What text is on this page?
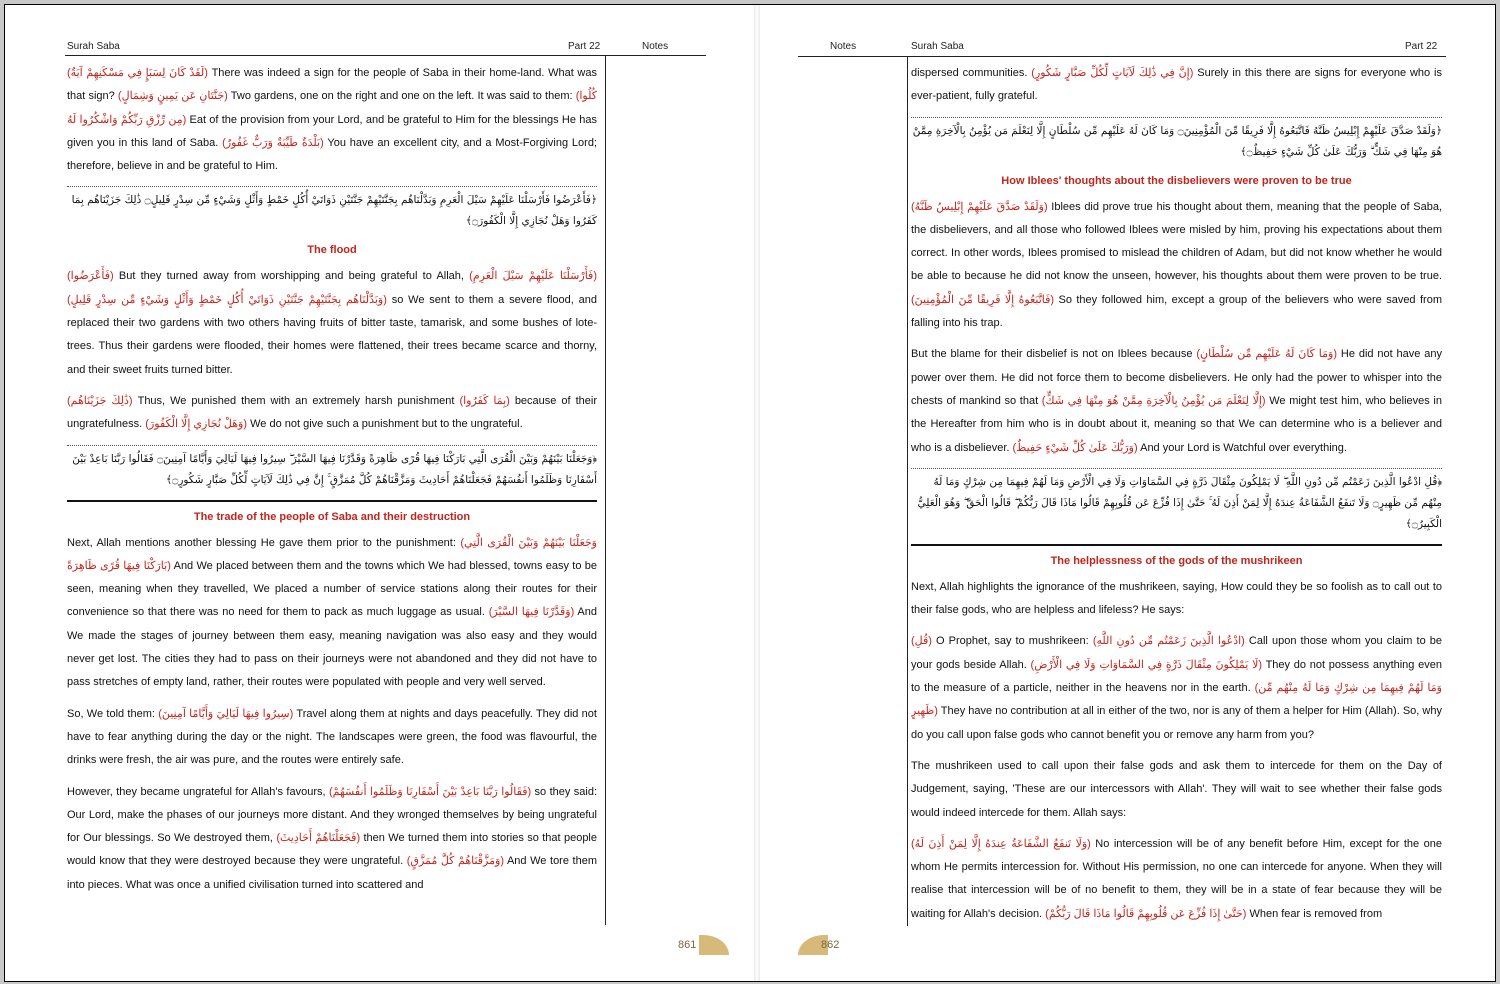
Surah Saba	Part 22	Notes

(لَقَدْ كَانَ لِسَبَإٍ فِي مَسْكَنِهِمْ آيَةٌ) There was indeed a sign for the people of Saba in their home-land. What was that sign? (جَنَّتَانِ عَن يَمِينٍ وَشِمَالٍ) Two gardens, one on the right and one on the left. It was said to them: (كُلُوا مِن رِّزْقِ رَبِّكُمْ وَاشْكُرُوا لَهُ) Eat of the provision from your Lord, and be grateful to Him for the blessings He has given you in this land of Saba. (بَلْدَةٌ طَيِّبَةٌ وَرَبٌّ غَفُورٌ) You have an excellent city, and a Most-Forgiving Lord; therefore, believe in and be grateful to Him.

﴿فَأَعْرَضُوا فَأَرْسَلْنَا عَلَيْهِمْ سَيْلَ الْعَرِمِ وَبَدَّلْنَاهُم بِجَنَّتَيْهِمْ جَنَّتَيْنِ ذَوَاتَيْ أُكُلٍ خَمْطٍ وَأَثْلٍ وَشَيْءٍ مِّن سِدْرٍ قَلِيلٍ۝ ذَٰلِكَ جَزَيْنَاهُم بِمَا كَفَرُوا وَهَلْ نُجَازِي إِلَّا الْكَفُورَ۝﴾
The flood

(فَأَعْرَضُوا) But they turned away from worshipping and being grateful to Allah, (فَأَرْسَلْنَا عَلَيْهِمْ سَيْلَ الْعَرِمِ) (وَبَدَّلْنَاهُم بِجَنَّتَيْهِمْ جَنَّتَيْنِ ذَوَاتَيْ أُكُلٍ خَمْطٍ وَأَثْلٍ وَشَيْءٍ مِّن سِدْرٍ قَلِيلٍ) so We sent to them a severe flood, and replaced their two gardens with two others having fruits of bitter taste, tamarisk, and some bushes of lote-trees. Thus their gardens were flooded, their homes were flattened, their trees became scarce and thorny, and their sweet fruits turned bitter.

(ذَٰلِكَ جَزَيْنَاهُم) Thus, We punished them with an extremely harsh punishment (بِمَا كَفَرُوا) because of their ungratefulness. (وَهَلْ نُجَازِي إِلَّا الْكَفُورَ) We do not give such a punishment but to the ungrateful.

﴿وَجَعَلْنَا بَيْنَهُمْ وَبَيْنَ الْقُرَى الَّتِي بَارَكْنَا فِيهَا قُرًى ظَاهِرَةً وَقَدَّرْنَا فِيهَا السَّيْرَ ۖ سِيرُوا فِيهَا لَيَالِيَ وَأَيَّامًا آمِنِينَ۝ فَقَالُوا رَبَّنَا بَاعِدْ بَيْنَ أَسْفَارِنَا وَظَلَمُوا أَنفُسَهُمْ فَجَعَلْنَاهُمْ أَحَادِيثَ وَمَزَّقْنَاهُمْ كُلَّ مُمَزَّقٍ ۚ إِنَّ فِي ذَٰلِكَ لَآيَاتٍ لِّكُلِّ صَبَّارٍ شَكُورٍ۝﴾
The trade of the people of Saba and their destruction

Next, Allah mentions another blessing He gave them prior to the punishment: (وَجَعَلْنَا بَيْنَهُمْ وَبَيْنَ الْقُرَى الَّتِي بَارَكْنَا فِيهَا قُرًى ظَاهِرَةً) And We placed between them and the towns which We had blessed, towns easy to be seen, meaning when they travelled, We placed a number of service stations along their routes for their convenience so that there was no need for them to pack as much luggage as usual. (وَقَدَّرْنَا فِيهَا السَّيْرَ) And We made the stages of journey between them easy, meaning navigation was also easy and they would never get lost. The cities they had to pass on their journeys were not abandoned and they did not have to pass stretches of empty land, rather, their routes were populated with people and very well served.

So, We told them: (سِيرُوا فِيهَا لَيَالِيَ وَأَيَّامًا آمِنِينَ) Travel along them at nights and days peacefully. They did not have to fear anything during the day or the night. The landscapes were green, the food was flavourful, the drinks were fresh, the air was pure, and the routes were entirely safe.

However, they became ungrateful for Allah's favours, (فَقَالُوا رَبَّنَا بَاعِدْ بَيْنَ أَسْفَارِنَا وَظَلَمُوا أَنفُسَهُمْ) so they said: Our Lord, make the phases of our journeys more distant. And they wronged themselves by being ungrateful for Our blessings. So We destroyed them, (فَجَعَلْنَاهُمْ أَحَادِيثَ) then We turned them into stories so that people would know that they were destroyed because they were ungrateful. (وَمَزَّقْنَاهُمْ كُلَّ مُمَزَّقٍ) And We tore them into pieces. What was once a unified civilisation turned into scattered and

861
Notes	Surah Saba	Part 22

dispersed communities. (إِنَّ فِي ذَٰلِكَ لَآيَاتٍ لِّكُلِّ صَبَّارٍ شَكُورٍ) Surely in this there are signs for everyone who is ever-patient, fully grateful.

﴿وَلَقَدْ صَدَّقَ عَلَيْهِمْ إِبْلِيسُ ظَنَّهُ فَاتَّبَعُوهُ إِلَّا فَرِيقًا مِّنَ الْمُؤْمِنِينَ۝ وَمَا كَانَ لَهُ عَلَيْهِم مِّن سُلْطَانٍ إِلَّا لِنَعْلَمَ مَن يُؤْمِنُ بِالْآخِرَةِ مِمَّنْ هُوَ مِنْهَا فِي شَكٍّ ۗ وَرَبُّكَ عَلَىٰ كُلِّ شَيْءٍ حَفِيظٌ۝﴾
How Iblees' thoughts about the disbelievers were proven to be true

(وَلَقَدْ صَدَّقَ عَلَيْهِمْ إِبْلِيسُ ظَنَّهُ) Iblees did prove true his thought about them, meaning that the people of Saba, the disbelievers, and all those who followed Iblees were misled by him, proving his expectations about them correct. In other words, Iblees promised to mislead the children of Adam, but did not know whether he would be able to because he did not know the unseen, however, his thoughts about them were proven to be true. (فَاتَّبَعُوهُ إِلَّا فَرِيقًا مِّنَ الْمُؤْمِنِينَ) So they followed him, except a group of the believers who were saved from falling into his trap.

But the blame for their disbelief is not on Iblees because (وَمَا كَانَ لَهُ عَلَيْهِم مِّن سُلْطَانٍ) He did not have any power over them. He did not force them to become disbelievers. He only had the power to whisper into the chests of mankind so that (إِلَّا لِنَعْلَمَ مَن يُؤْمِنُ بِالْآخِرَةِ مِمَّنْ هُوَ مِنْهَا فِي شَكٍّ) We might test him, who believes in the Hereafter from him who is in doubt about it, meaning so that We can determine who is a believer and who is a disbeliever. (وَرَبُّكَ عَلَىٰ كُلِّ شَيْءٍ حَفِيظٌ) And your Lord is Watchful over everything.

﴿قُلِ ادْعُوا الَّذِينَ زَعَمْتُم مِّن دُونِ اللَّهِ ۖ لَا يَمْلِكُونَ مِثْقَالَ ذَرَّةٍ فِي السَّمَاوَاتِ وَلَا فِي الْأَرْضِ وَمَا لَهُمْ فِيهِمَا مِن شِرْكٍ وَمَا لَهُ مِنْهُم مِّن ظَهِيرٍ۝ وَلَا تَنفَعُ الشَّفَاعَةُ عِندَهُ إِلَّا لِمَنْ أَذِنَ لَهُ ۚ حَتَّىٰ إِذَا فُزِّعَ عَن قُلُوبِهِمْ قَالُوا مَاذَا قَالَ رَبُّكُمْ ۖ قَالُوا الْحَقَّ ۖ وَهُوَ الْعَلِيُّ الْكَبِيرُ۝﴾
The helplessness of the gods of the mushrikeen

Next, Allah highlights the ignorance of the mushrikeen, saying, How could they be so foolish as to call out to their false gods, who are helpless and lifeless? He says:

(قُلِ) O Prophet, say to mushrikeen: (ادْعُوا الَّذِينَ زَعَمْتُم مِّن دُونِ اللَّهِ) Call upon those whom you claim to be your gods beside Allah. (لَا يَمْلِكُونَ مِثْقَالَ ذَرَّةٍ فِي السَّمَاوَاتِ وَلَا فِي الْأَرْضِ) They do not possess anything even to the measure of a particle, neither in the heavens nor in the earth. (وَمَا لَهُمْ فِيهِمَا مِن شِرْكٍ وَمَا لَهُ مِنْهُم مِّن ظَهِيرٍ) They have no contribution at all in either of the two, nor is any of them a helper for Him (Allah). So, why do you call upon false gods who cannot benefit you or remove any harm from you?

The mushrikeen used to call upon their false gods and ask them to intercede for them on the Day of Judgement, saying, 'These are our intercessors with Allah'. They will wait to see whether their false gods would indeed intercede for them. Allah says:

(وَلَا تَنفَعُ الشَّفَاعَةُ عِندَهُ إِلَّا لِمَنْ أَذِنَ لَهُ) No intercession will be of any benefit before Him, except for the one whom He permits intercession for. Without His permission, no one can intercede for anyone. When they will realise that intercession will be of no benefit to them, they will be in a state of fear because they will be waiting for Allah's decision. (حَتَّىٰ إِذَا فُزِّعَ عَن قُلُوبِهِمْ قَالُوا مَاذَا قَالَ رَبُّكُمْ) When fear is removed from

862
